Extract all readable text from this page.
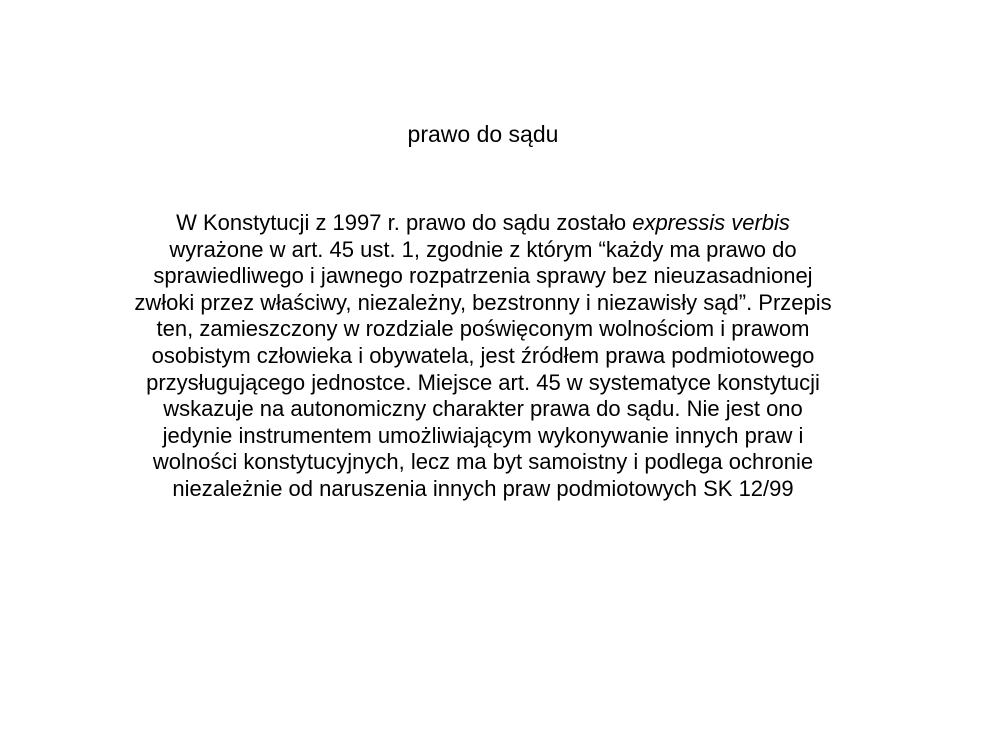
prawo do sądu

W Konstytucji z 1997 r. prawo do sądu zostało expressis verbis wyrażone w art. 45 ust. 1, zgodnie z którym “każdy ma prawo do sprawiedliwego i jawnego rozpatrzenia sprawy bez nieuzasadnionej zwłoki przez właściwy, niezależny, bezstronny i niezawisły sąd”. Przepis ten, zamieszczony w rozdziale poświęconym wolnościom i prawom osobistym człowieka i obywatela, jest źródłem prawa podmiotowego przysługującego jednostce. Miejsce art. 45 w systematyce konstytucji wskazuje na autonomiczny charakter prawa do sądu. Nie jest ono jedynie instrumentem umożliwiającym wykonywanie innych praw i wolności konstytucyjnych, lecz ma byt samoistny i podlega ochronie niezależnie od naruszenia innych praw podmiotowych SK 12/99
